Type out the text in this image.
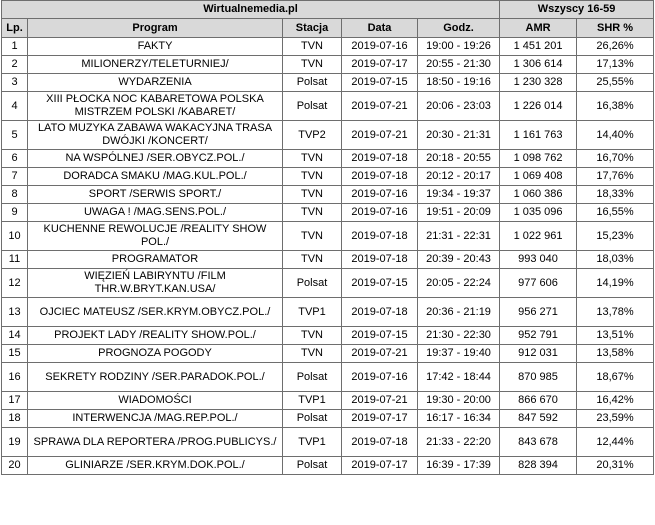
Wirtualnemedia.pl					Wszyscy 16-59	
Lp.	Program	Stacja	Data	Godz.	AMR	SHR %
1	FAKTY	TVN	2019-07-16	19:00 - 19:26	1 451 201	26,26%
2	MILIONERZY/TELETURNIEJ/	TVN	2019-07-17	20:55 - 21:30	1 306 614	17,13%
3	WYDARZENIA	Polsat	2019-07-15	18:50 - 19:16	1 230 328	25,55%
4	XIII PŁOCKA NOC KABARETOWA POLSKA MISTRZEM POLSKI /KABARET/	Polsat	2019-07-21	20:06 - 23:03	1 226 014	16,38%
5	LATO MUZYKA ZABAWA WAKACYJNA TRASA DWÓJKI /KONCERT/	TVP2	2019-07-21	20:30 - 21:31	1 161 763	14,40%
6	NA WSPÓLNEJ /SER.OBYCZ.POL./	TVN	2019-07-18	20:18 - 20:55	1 098 762	16,70%
7	DORADCA SMAKU /MAG.KUL.POL./	TVN	2019-07-18	20:12 - 20:17	1 069 408	17,76%
8	SPORT /SERWIS SPORT./	TVN	2019-07-16	19:34 - 19:37	1 060 386	18,33%
9	UWAGA ! /MAG.SENS.POL./	TVN	2019-07-16	19:51 - 20:09	1 035 096	16,55%
10	KUCHENNE REWOLUCJE /REALITY SHOW POL./	TVN	2019-07-18	21:31 - 22:31	1 022 961	15,23%
11	PROGRAMATOR	TVN	2019-07-18	20:39 - 20:43	993 040	18,03%
12	WIĘZIEŃ LABIRYNTU /FILM THR.W.BRYT.KAN.USA/	Polsat	2019-07-15	20:05 - 22:24	977 606	14,19%
13	OJCIEC MATEUSZ /SER.KRYM.OBYCZ.POL./	TVP1	2019-07-18	20:36 - 21:19	956 271	13,78%
14	PROJEKT LADY /REALITY SHOW.POL./	TVN	2019-07-15	21:30 - 22:30	952 791	13,51%
15	PROGNOZA POGODY	TVN	2019-07-21	19:37 - 19:40	912 031	13,58%
16	SEKRETY RODZINY /SER.PARADOK.POL./	Polsat	2019-07-16	17:42 - 18:44	870 985	18,67%
17	WIADOMOŚCI	TVP1	2019-07-21	19:30 - 20:00	866 670	16,42%
18	INTERWENCJA /MAG.REP.POL./	Polsat	2019-07-17	16:17 - 16:34	847 592	23,59%
19	SPRAWA DLA REPORTERA /PROG.PUBLICYS./	TVP1	2019-07-18	21:33 - 22:20	843 678	12,44%
20	GLINIARZE /SER.KRYM.DOK.POL./	Polsat	2019-07-17	16:39 - 17:39	828 394	20,31%
